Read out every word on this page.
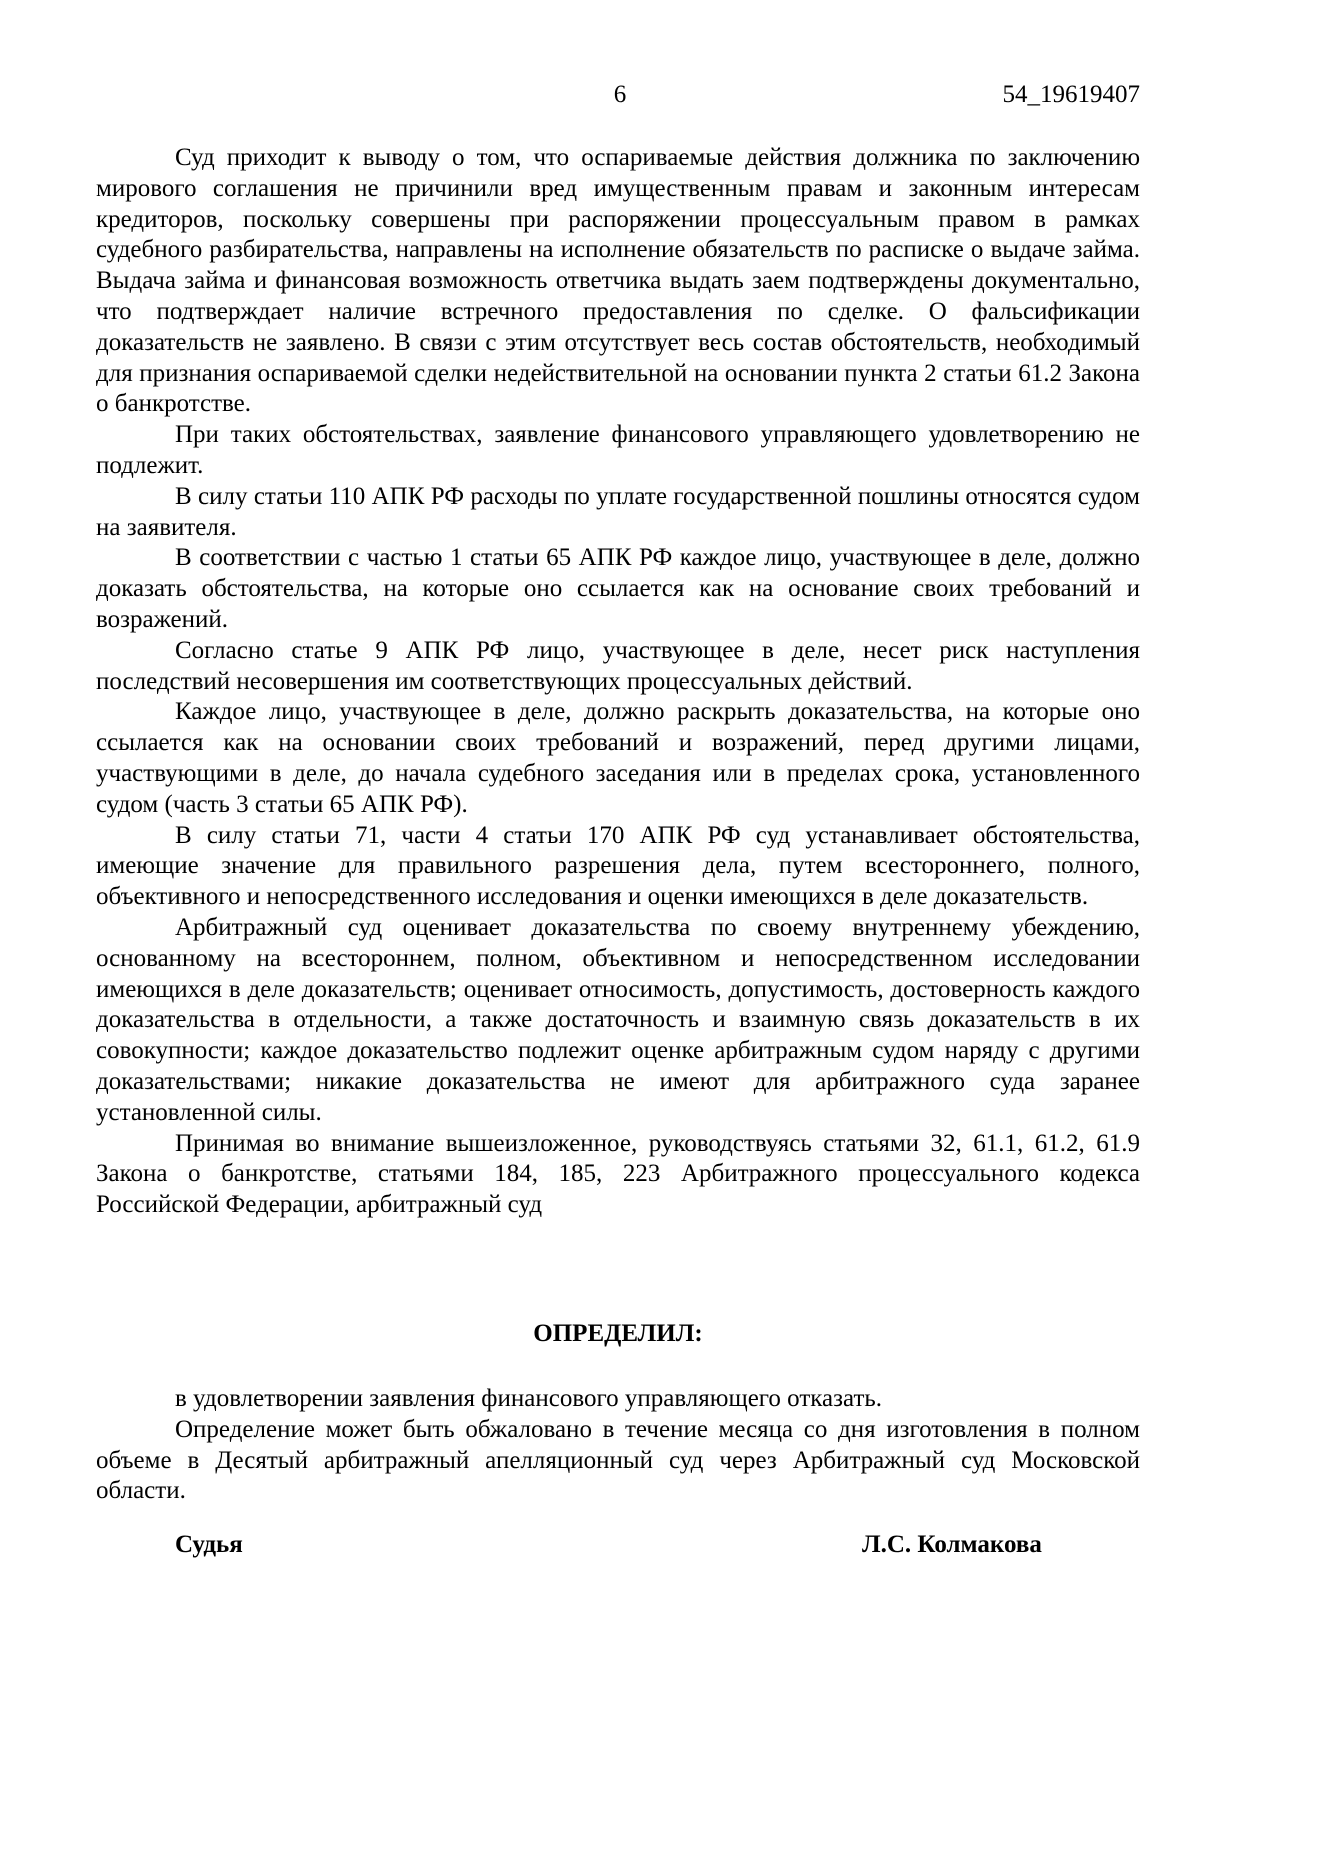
6	54_19619407

Суд приходит к выводу о том, что оспариваемые действия должника по заключению мирового соглашения не причинили вред имущественным правам и законным интересам кредиторов, поскольку совершены при распоряжении процессуальным правом в рамках судебного разбирательства, направлены на исполнение обязательств по расписке о выдаче займа. Выдача займа и финансовая возможность ответчика выдать заем подтверждены документально, что подтверждает наличие встречного предоставления по сделке. О фальсификации доказательств не заявлено. В связи с этим отсутствует весь состав обстоятельств, необходимый для признания оспариваемой сделки недействительной на основании пункта 2 статьи 61.2 Закона о банкротстве.

При таких обстоятельствах, заявление финансового управляющего удовлетворению не подлежит.

В силу статьи 110 АПК РФ расходы по уплате государственной пошлины относятся судом на заявителя.

В соответствии с частью 1 статьи 65 АПК РФ каждое лицо, участвующее в деле, должно доказать обстоятельства, на которые оно ссылается как на основание своих требований и возражений.

Согласно статье 9 АПК РФ лицо, участвующее в деле, несет риск наступления последствий несовершения им соответствующих процессуальных действий.

Каждое лицо, участвующее в деле, должно раскрыть доказательства, на которые оно ссылается как на основании своих требований и возражений, перед другими лицами, участвующими в деле, до начала судебного заседания или в пределах срока, установленного судом (часть 3 статьи 65 АПК РФ).

В силу статьи 71, части 4 статьи 170 АПК РФ суд устанавливает обстоятельства, имеющие значение для правильного разрешения дела, путем всестороннего, полного, объективного и непосредственного исследования и оценки имеющихся в деле доказательств.

Арбитражный суд оценивает доказательства по своему внутреннему убеждению, основанному на всестороннем, полном, объективном и непосредственном исследовании имеющихся в деле доказательств; оценивает относимость, допустимость, достоверность каждого доказательства в отдельности, а также достаточность и взаимную связь доказательств в их совокупности; каждое доказательство подлежит оценке арбитражным судом наряду с другими доказательствами; никакие доказательства не имеют для арбитражного суда заранее установленной силы.

Принимая во внимание вышеизложенное, руководствуясь статьями 32, 61.1, 61.2, 61.9 Закона о банкротстве, статьями 184, 185, 223 Арбитражного процессуального кодекса Российской Федерации, арбитражный суд

ОПРЕДЕЛИЛ:

в удовлетворении заявления финансового управляющего отказать.

Определение может быть обжаловано в течение месяца со дня изготовления в полном объеме в Десятый арбитражный апелляционный суд через Арбитражный суд Московской области.

Судья	Л.С. Колмакова
